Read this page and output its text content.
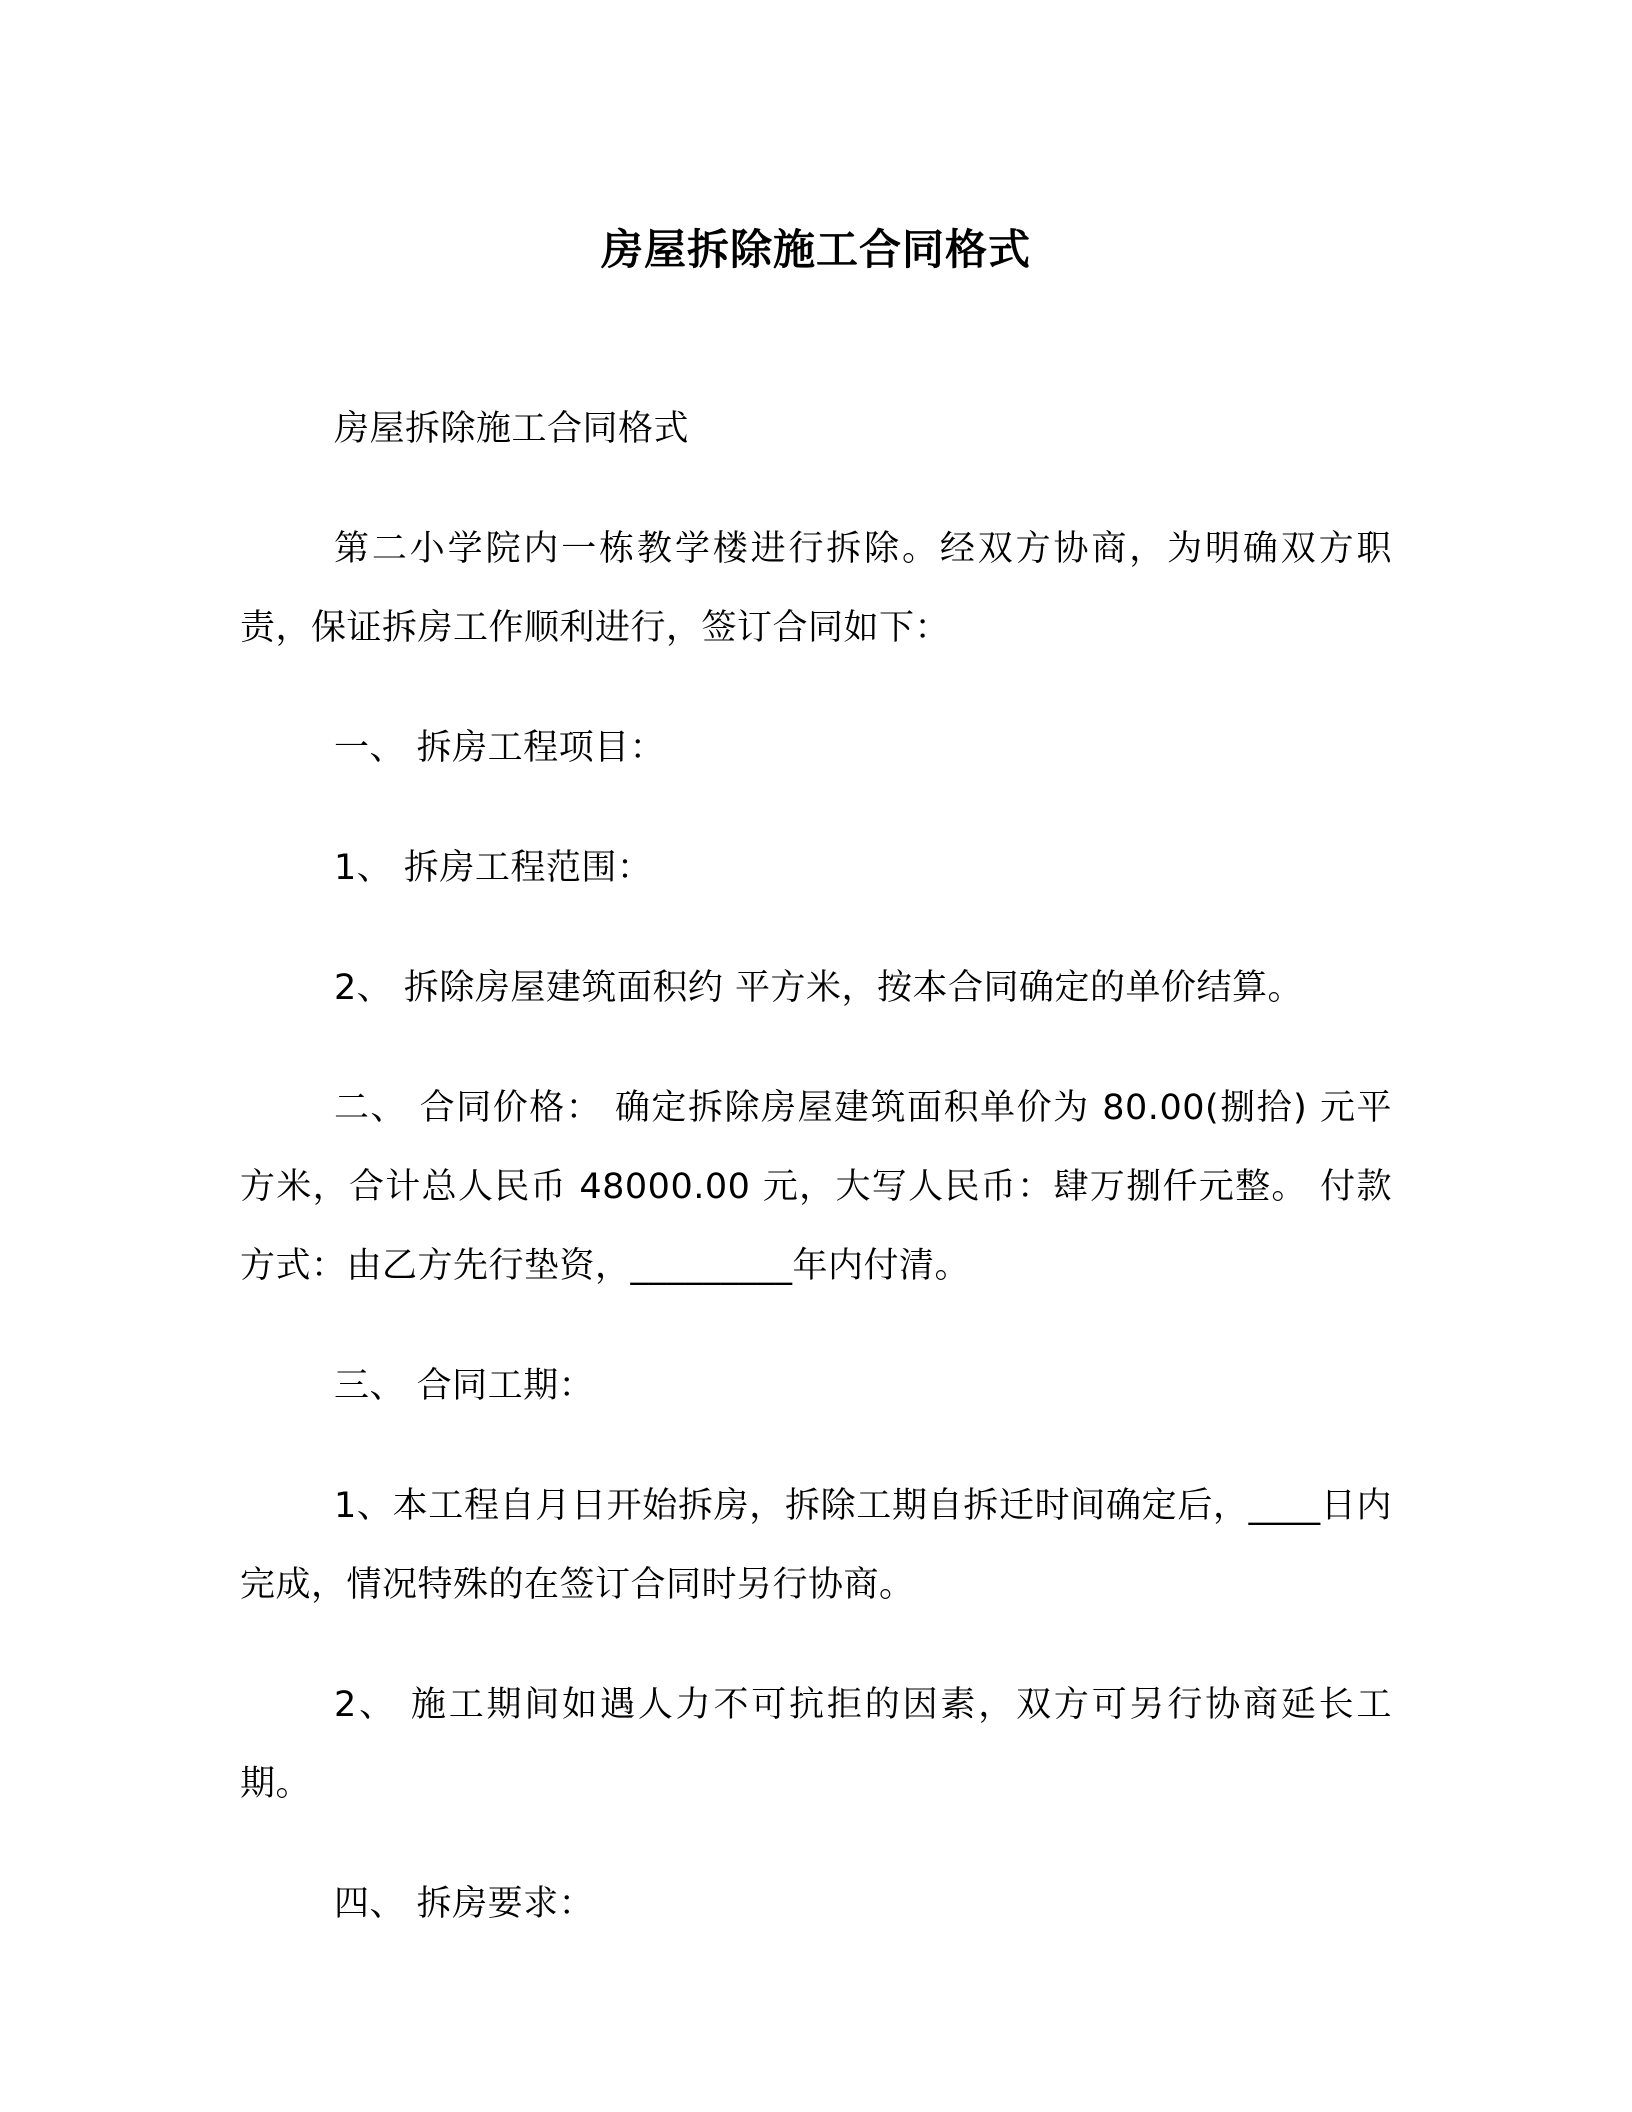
房屋拆除施工合同格式

房屋拆除施工合同格式

第二小学院内一栋教学楼进行拆除。经双方协商，为明确双方职责，保证拆房工作顺利进行，签订合同如下：

一、 拆房工程项目：

1、 拆房工程范围：

2、 拆除房屋建筑面积约 平方米，按本合同确定的单价结算。

二、 合同价格： 确定拆除房屋建筑面积单价为 80.00(捌拾) 元平方米，合计总人民币 48000.00 元，大写人民币：肆万捌仟元整。 付款方式：由乙方先行垫资，_________年内付清。

三、 合同工期：

1、本工程自月日开始拆房，拆除工期自拆迁时间确定后，____日内完成，情况特殊的在签订合同时另行协商。

2、 施工期间如遇人力不可抗拒的因素，双方可另行协商延长工期。

四、 拆房要求：
